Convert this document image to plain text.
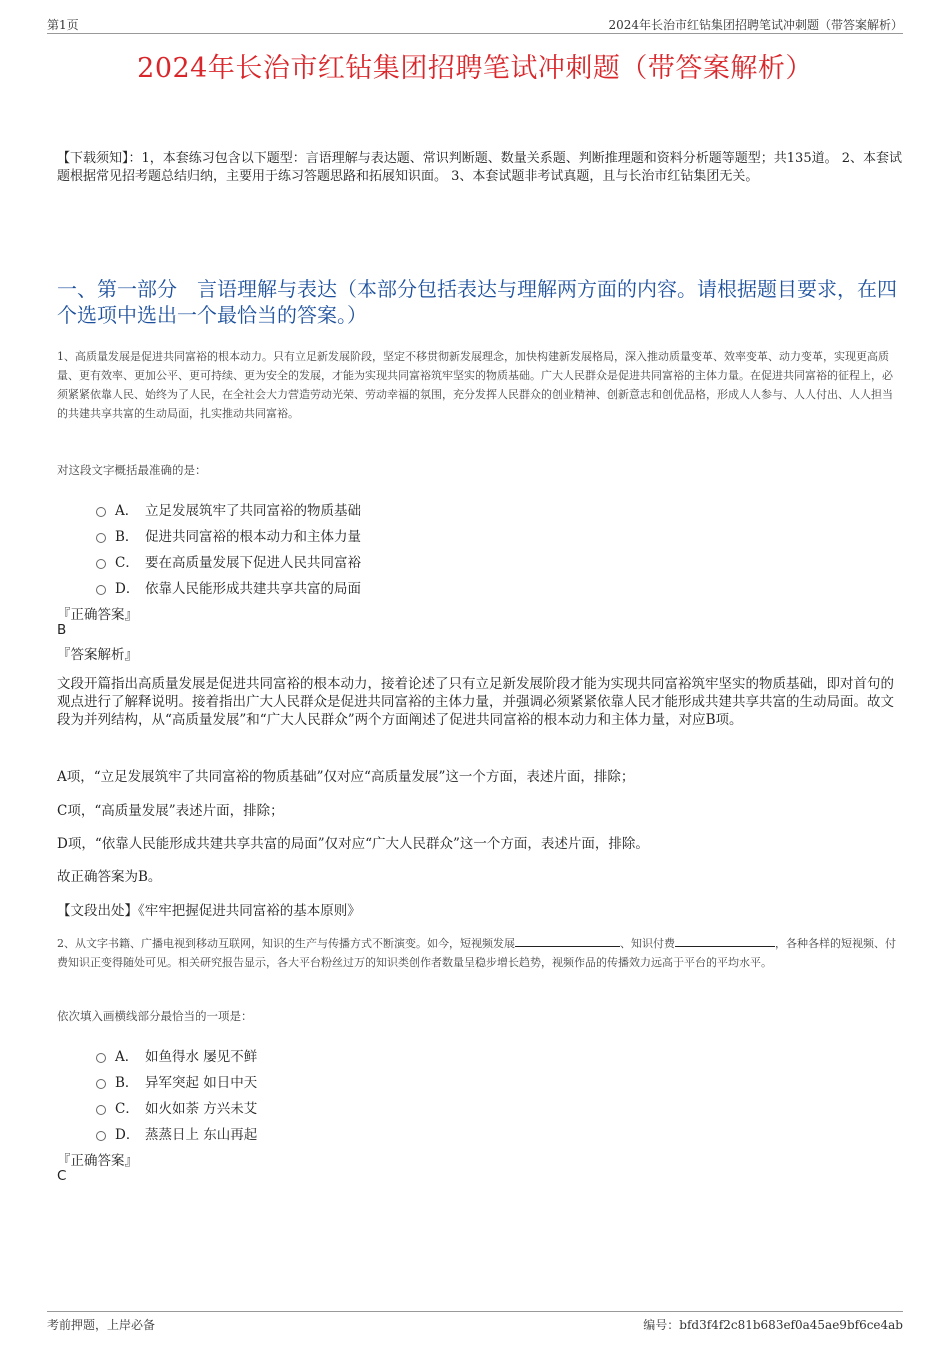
第1页	2024年长治市红钻集团招聘笔试冲刺题（带答案解析）
2024年长治市红钻集团招聘笔试冲刺题（带答案解析）
【下载须知】：1，本套练习包含以下题型：言语理解与表达题、常识判断题、数量关系题、判断推理题和资料分析题等题型；共135道。 2、本套试题根据常见招考题总结归纳，主要用于练习答题思路和拓展知识面。 3、本套试题非考试真题，且与长治市红钻集团无关。
一、第一部分　言语理解与表达（本部分包括表达与理解两方面的内容。请根据题目要求，在四个选项中选出一个最恰当的答案。）
1、高质量发展是促进共同富裕的根本动力。只有立足新发展阶段，坚定不移贯彻新发展理念，加快构建新发展格局，深入推动质量变革、效率变革、动力变革，实现更高质量、更有效率、更加公平、更可持续、更为安全的发展，才能为实现共同富裕筑牢坚实的物质基础。广大人民群众是促进共同富裕的主体力量。在促进共同富裕的征程上，必须紧紧依靠人民、始终为了人民，在全社会大力营造劳动光荣、劳动幸福的氛围，充分发挥人民群众的创业精神、创新意志和创优品格，形成人人参与、人人付出、人人担当的共建共享共富的生动局面，扎实推动共同富裕。
对这段文字概括最准确的是：
A． 立足发展筑牢了共同富裕的物质基础
B． 促进共同富裕的根本动力和主体力量
C． 要在高质量发展下促进人民共同富裕
D． 依靠人民能形成共建共享共富的局面
『正确答案』
B
『答案解析』
文段开篇指出高质量发展是促进共同富裕的根本动力，接着论述了只有立足新发展阶段才能为实现共同富裕筑牢坚实的物质基础，即对首句的观点进行了解释说明。接着指出广大人民群众是促进共同富裕的主体力量，并强调必须紧紧依靠人民才能形成共建共享共富的生动局面。故文段为并列结构，从“高质量发展”和“广大人民群众”两个方面阐述了促进共同富裕的根本动力和主体力量，对应B项。
A项，“立足发展筑牢了共同富裕的物质基础”仅对应“高质量发展”这一个方面，表述片面，排除；
C项，“高质量发展”表述片面，排除；
D项，“依靠人民能形成共建共享共富的局面”仅对应“广大人民群众”这一个方面，表述片面，排除。
故正确答案为B。
【文段出处】《牢牢把握促进共同富裕的基本原则》
2、从文字书籍、广播电视到移动互联网，知识的生产与传播方式不断演变。如今，短视频发展	、知识付费	，各种各样的短视频、付费知识正变得随处可见。相关研究报告显示，各大平台粉丝过万的知识类创作者数量呈稳步增长趋势，视频作品的传播效力远高于平台的平均水平。
依次填入画横线部分最恰当的一项是：
A． 如鱼得水 屡见不鲜
B． 异军突起 如日中天
C． 如火如荼 方兴未艾
D． 蒸蒸日上 东山再起
『正确答案』
C
考前押题，上岸必备	编号：bfd3f4f2c81b683ef0a45ae9bf6ce4ab
